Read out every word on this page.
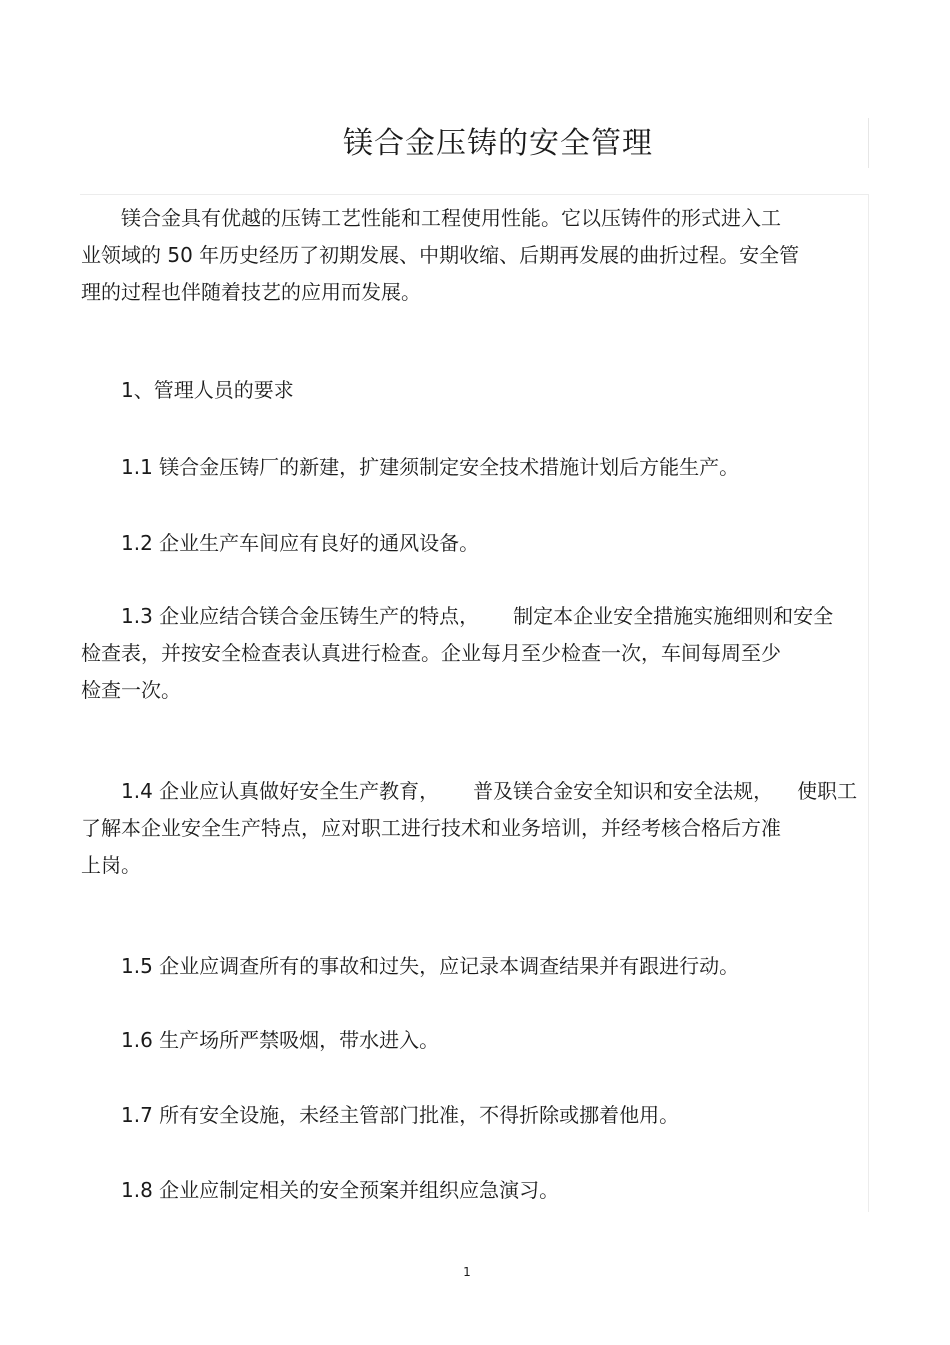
镁合金压铸的安全管理
镁合金具有优越的压铸工艺性能和工程使用性能。它以压铸件的形式进入工
业领域的 50 年历史经历了初期发展、中期收缩、后期再发展的曲折过程。安全管
理的过程也伴随着技艺的应用而发展。
1、管理人员的要求
1.1 镁合金压铸厂的新建，扩建须制定安全技术措施计划后方能生产。
1.2 企业生产车间应有良好的通风设备。
1.3 企业应结合镁合金压铸生产的特点， 制定本企业安全措施实施细则和安全
检查表，并按安全检查表认真进行检查。企业每月至少检查一次，车间每周至少
检查一次。
1.4 企业应认真做好安全生产教育， 普及镁合金安全知识和安全法规， 使职工
了解本企业安全生产特点，应对职工进行技术和业务培训，并经考核合格后方准
上岗。
1.5 企业应调查所有的事故和过失，应记录本调查结果并有跟进行动。
1.6 生产场所严禁吸烟，带水进入。
1.7 所有安全设施，未经主管部门批准，不得折除或挪着他用。
1.8 企业应制定相关的安全预案并组织应急演习。
1
